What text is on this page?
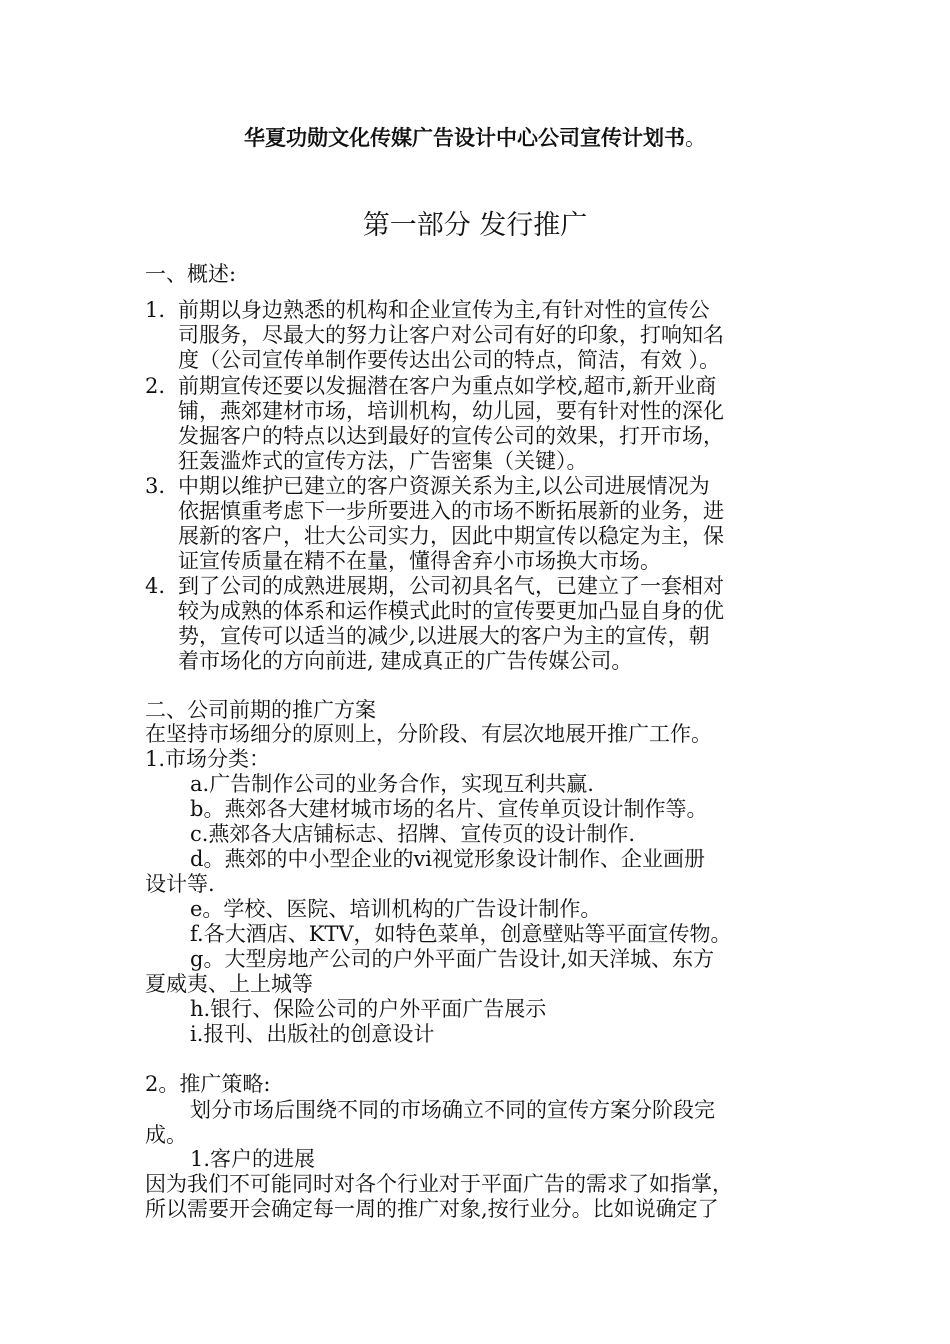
华夏功勋文化传媒广告设计中心公司宣传计划书。
第一部分 发行推广
一、概述:
1. 前期以身边熟悉的机构和企业宣传为主,有针对性的宣传公
司服务，尽最大的努力让客户对公司有好的印象，打响知名
度（公司宣传单制作要传达出公司的特点，简洁，有效 ）。
2. 前期宣传还要以发掘潜在客户为重点如学校,超市,新开业商
铺，燕郊建材市场，培训机构，幼儿园，要有针对性的深化
发掘客户的特点以达到最好的宣传公司的效果，打开市场，
狂轰滥炸式的宣传方法，广告密集（关键）。
3. 中期以维护已建立的客户资源关系为主,以公司进展情况为
依据慎重考虑下一步所要进入的市场不断拓展新的业务，进
展新的客户，壮大公司实力，因此中期宣传以稳定为主，保
证宣传质量在精不在量，懂得舍弃小市场换大市场。
4. 到了公司的成熟进展期，公司初具名气，已建立了一套相对
较为成熟的体系和运作模式此时的宣传要更加凸显自身的优
势，宣传可以适当的减少,以进展大的客户为主的宣传，朝
着市场化的方向前进, 建成真正的广告传媒公司。
二、公司前期的推广方案
在坚持市场细分的原则上，分阶段、有层次地展开推广工作。
1.市场分类：
a.广告制作公司的业务合作，实现互利共赢.
b。燕郊各大建材城市场的名片、宣传单页设计制作等。
c.燕郊各大店铺标志、招牌、宣传页的设计制作.
d。燕郊的中小型企业的vi视觉形象设计制作、企业画册
设计等.
e。学校、医院、培训机构的广告设计制作。
f.各大酒店、KTV，如特色菜单，创意壁贴等平面宣传物。
g。大型房地产公司的户外平面广告设计,如天洋城、东方
夏威夷、上上城等
h.银行、保险公司的户外平面广告展示
i.报刊、出版社的创意设计
2。推广策略:
划分市场后围绕不同的市场确立不同的宣传方案分阶段完
成。
1.客户的进展
因为我们不可能同时对各个行业对于平面广告的需求了如指掌，
所以需要开会确定每一周的推广对象,按行业分。比如说确定了
